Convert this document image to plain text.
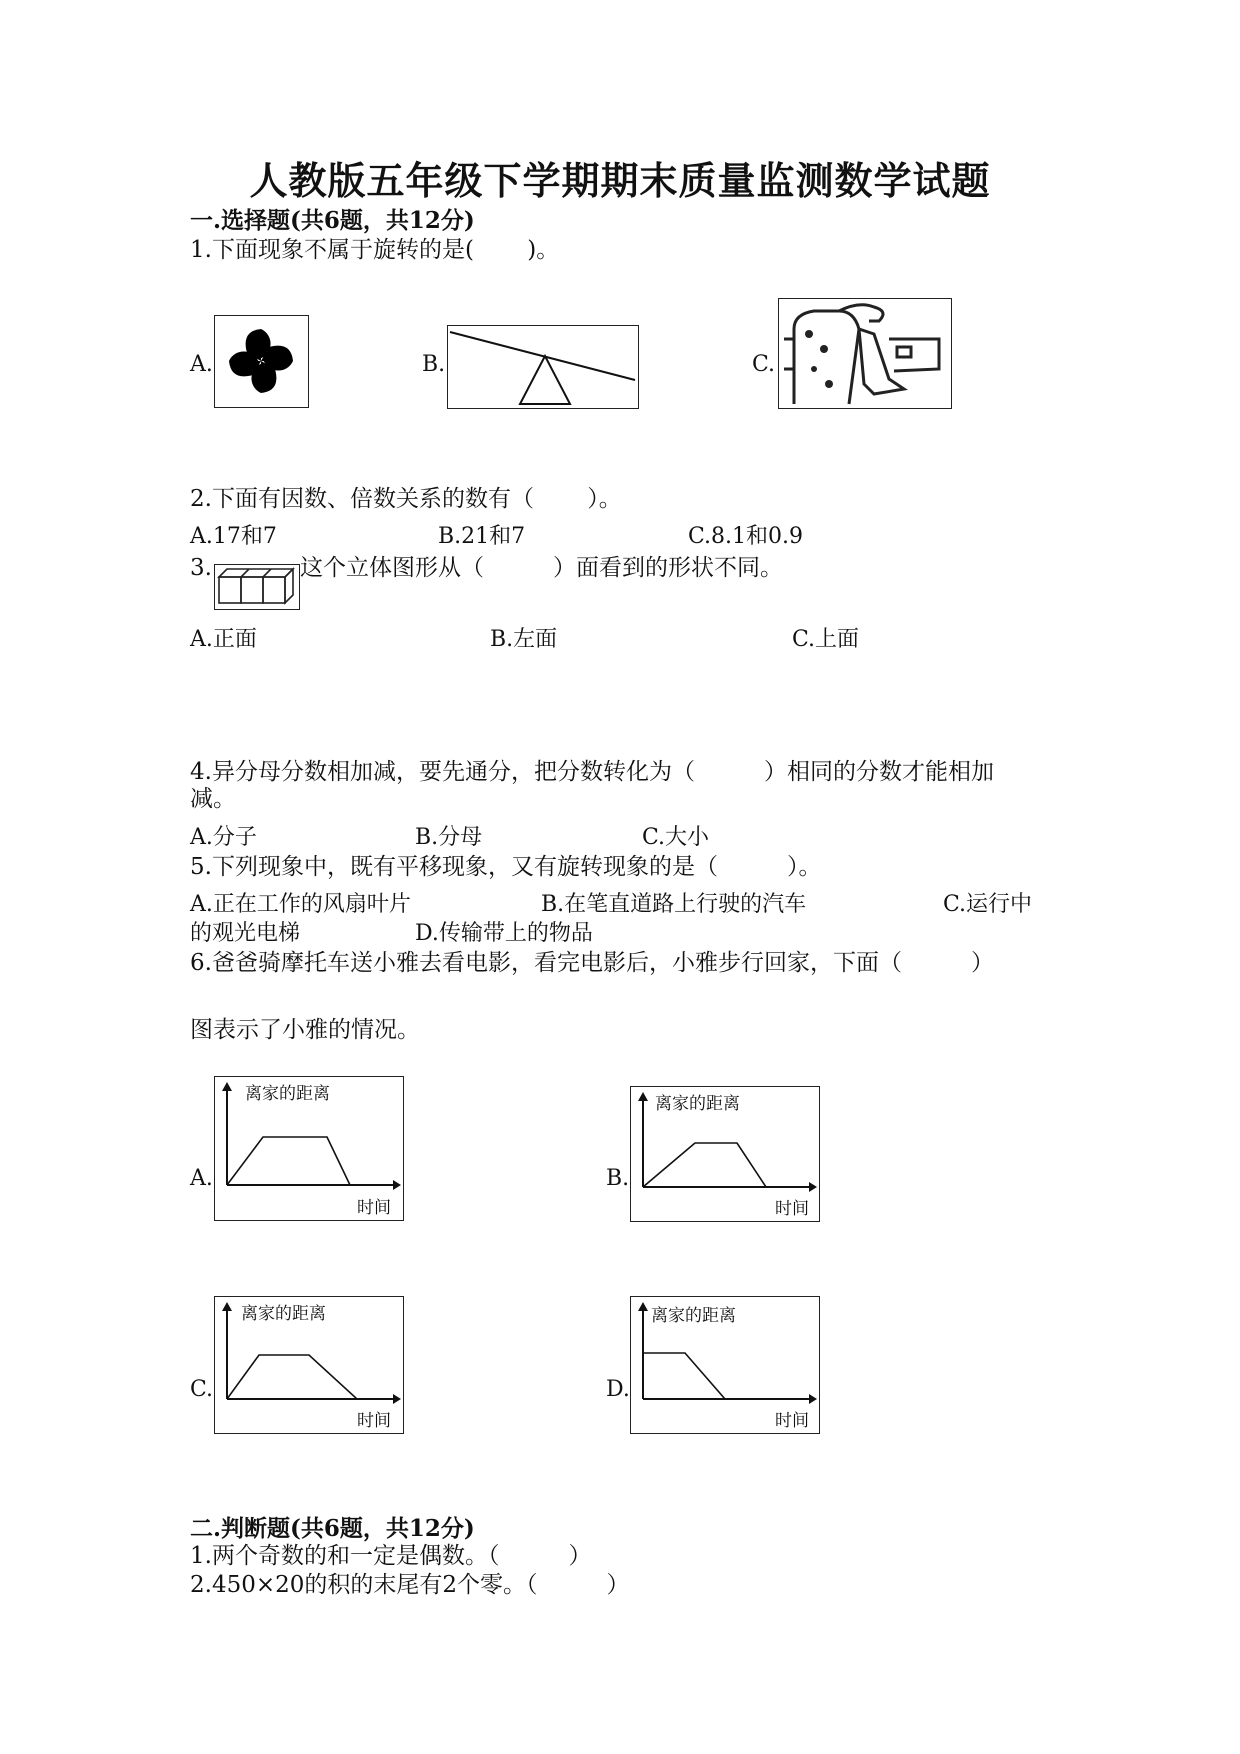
人教版五年级下学期期末质量监测数学试题
一.选择题(共6题，共12分)
1.下面现象不属于旋转的是(　　 )。
A.	B.	C.
2.下面有因数、倍数关系的数有（　　 ）。
A.17和7	B.21和7	C.8.1和0.9
3.	这个立体图形从（　　　）面看到的形状不同。
A.正面	B.左面	C.上面
4.异分母分数相加减，要先通分，把分数转化为（　　　）相同的分数才能相加
减。
A.分子	B.分母	C.大小
5.下列现象中，既有平移现象，又有旋转现象的是（　　　）。
A.正在工作的风扇叶片	B.在笔直道路上行驶的汽车	C.运行中
的观光电梯	D.传输带上的物品
6.爸爸骑摩托车送小雅去看电影，看完电影后，小雅步行回家，下面（　　　）
图表示了小雅的情况。
A.
离家的距离
时间
B.
离家的距离
时间
C.
离家的距离
时间
D.
离家的距离
时间
二.判断题(共6题，共12分)
1.两个奇数的和一定是偶数。（　　　）
2.450×20的积的末尾有2个零。（　　　）
